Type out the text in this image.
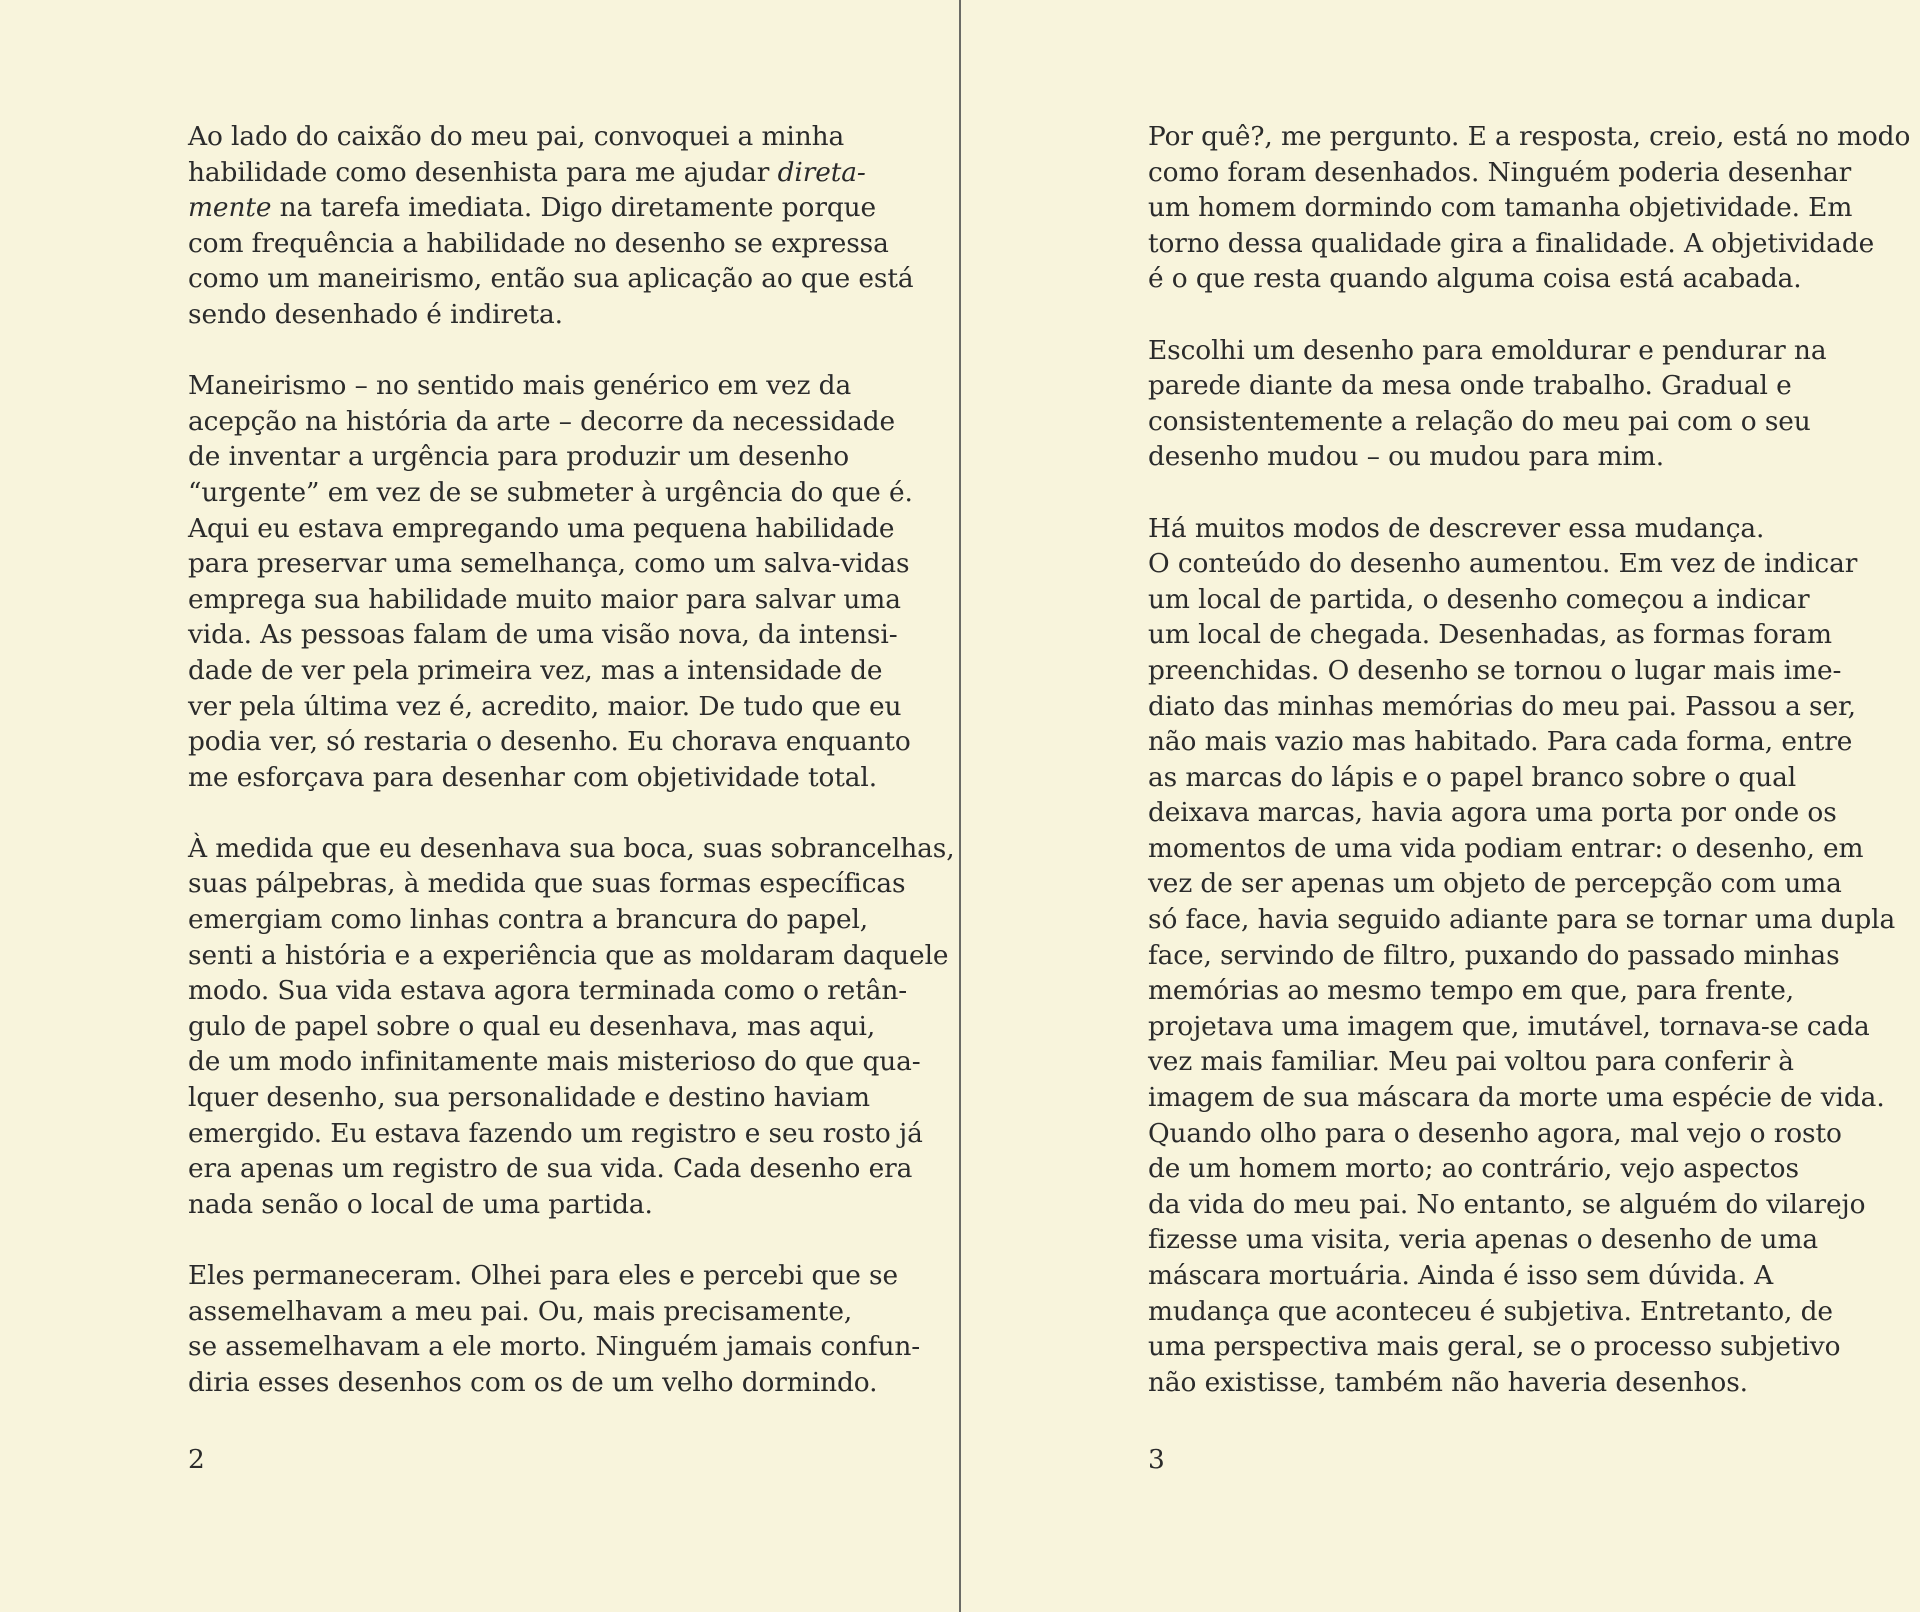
Ao lado do caixão do meu pai, convoquei a minha
habilidade como desenhista para me ajudar direta-
mente na tarefa imediata. Digo diretamente porque
com frequência a habilidade no desenho se expressa
como um maneirismo, então sua aplicação ao que está
sendo desenhado é indireta.

Maneirismo – no sentido mais genérico em vez da
acepção na história da arte – decorre da necessidade
de inventar a urgência para produzir um desenho
“urgente” em vez de se submeter à urgência do que é.
Aqui eu estava empregando uma pequena habilidade
para preservar uma semelhança, como um salva-vidas
emprega sua habilidade muito maior para salvar uma
vida. As pessoas falam de uma visão nova, da intensi-
dade de ver pela primeira vez, mas a intensidade de
ver pela última vez é, acredito, maior. De tudo que eu
podia ver, só restaria o desenho. Eu chorava enquanto
me esforçava para desenhar com objetividade total.

À medida que eu desenhava sua boca, suas sobrancelhas,
suas pálpebras, à medida que suas formas específicas
emergiam como linhas contra a brancura do papel,
senti a história e a experiência que as moldaram daquele
modo. Sua vida estava agora terminada como o retân-
gulo de papel sobre o qual eu desenhava, mas aqui,
de um modo infinitamente mais misterioso do que qua-
lquer desenho, sua personalidade e destino haviam
emergido. Eu estava fazendo um registro e seu rosto já
era apenas um registro de sua vida. Cada desenho era
nada senão o local de uma partida.

Eles permaneceram. Olhei para eles e percebi que se
assemelhavam a meu pai. Ou, mais precisamente,
se assemelhavam a ele morto. Ninguém jamais confun-
diria esses desenhos com os de um velho dormindo.

2

Por quê?, me pergunto. E a resposta, creio, está no modo
como foram desenhados. Ninguém poderia desenhar
um homem dormindo com tamanha objetividade. Em
torno dessa qualidade gira a finalidade. A objetividade
é o que resta quando alguma coisa está acabada.

Escolhi um desenho para emoldurar e pendurar na
parede diante da mesa onde trabalho. Gradual e
consistentemente a relação do meu pai com o seu
desenho mudou – ou mudou para mim.

Há muitos modos de descrever essa mudança.
O conteúdo do desenho aumentou. Em vez de indicar
um local de partida, o desenho começou a indicar
um local de chegada. Desenhadas, as formas foram
preenchidas. O desenho se tornou o lugar mais ime-
diato das minhas memórias do meu pai. Passou a ser,
não mais vazio mas habitado. Para cada forma, entre
as marcas do lápis e o papel branco sobre o qual
deixava marcas, havia agora uma porta por onde os
momentos de uma vida podiam entrar: o desenho, em
vez de ser apenas um objeto de percepção com uma
só face, havia seguido adiante para se tornar uma dupla
face, servindo de filtro, puxando do passado minhas
memórias ao mesmo tempo em que, para frente,
projetava uma imagem que, imutável, tornava-se cada
vez mais familiar. Meu pai voltou para conferir à
imagem de sua máscara da morte uma espécie de vida.
Quando olho para o desenho agora, mal vejo o rosto
de um homem morto; ao contrário, vejo aspectos
da vida do meu pai. No entanto, se alguém do vilarejo
fizesse uma visita, veria apenas o desenho de uma
máscara mortuária. Ainda é isso sem dúvida. A
mudança que aconteceu é subjetiva. Entretanto, de
uma perspectiva mais geral, se o processo subjetivo
não existisse, também não haveria desenhos.

3
